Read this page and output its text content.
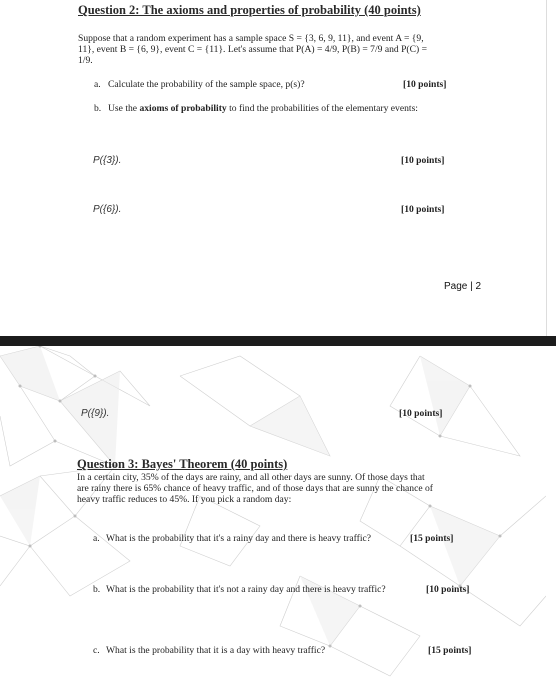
Question 2: The axioms and properties of probability (40 points)
Suppose that a random experiment has a sample space S = {3, 6, 9, 11}, and event A = {9,
11}, event B = {6, 9}, event C = {11}. Let's assume that P(A) = 4/9, P(B) = 7/9 and P(C) =
1/9.
a. Calculate the probability of the sample space, p(s)?	[10 points]
b. Use the axioms of probability to find the probabilities of the elementary events:
P({3}).	[10 points]
P({6}).	[10 points]
Page | 2
P({9}).	[10 points]
Question 3: Bayes' Theorem (40 points)
In a certain city, 35% of the days are rainy, and all other days are sunny. Of those days that
are rainy there is 65% chance of heavy traffic, and of those days that are sunny the chance of
heavy traffic reduces to 45%. If you pick a random day:
a. What is the probability that it's a rainy day and there is heavy traffic?	[15 points]
b. What is the probability that it's not a rainy day and there is heavy traffic?	[10 points]
c. What is the probability that it is a day with heavy traffic?	[15 points]
